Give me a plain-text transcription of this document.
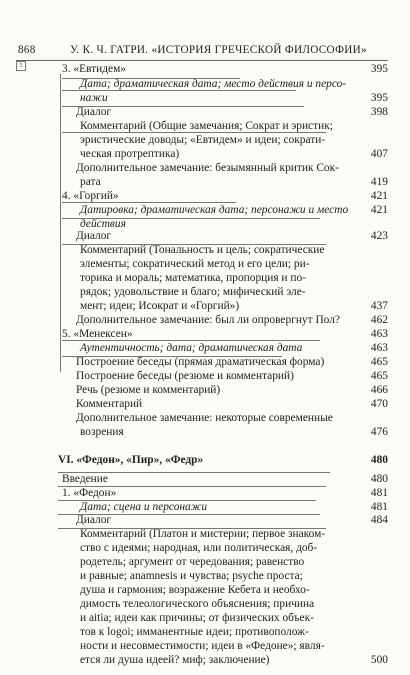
868	У. К. Ч. ГАТРИ. «ИСТОРИЯ ГРЕЧЕСКОЙ ФИЛОСОФИИ»
5	3. «Евтидем»	395
Дата; драматическая дата; место действия и персо-
нажи	395
Диалог	398
Комментарий (Общие замечания; Сократ и эристик;
эристические доводы; «Евтидем» и идеи; сократи-
ческая протрептика)	407
Дополнительное замечание: безымянный критик Сок-
рата	419
4. «Горгий»	421
Датировка; драматическая дата; персонажи и место 421
действия
Диалог	423
Комментарий (Тональность и цель; сократические
элементы; сократический метод и его цели; ри-
торика и мораль; математика, пропорция и по-
рядок; удовольствие и благо; мифический элe-
мент; идеи; Исократ и «Горгий»)	437
Дополнительное замечание: был ли опровергнут Пол?	462
5. «Менексен»	463
Аутентичность; дата; драматическая дата	463
Построение беседы (прямая драматическая форма)	465
Построение беседы (резюме и комментарий)	465
Речь (резюме и комментарий)	466
Комментарий	470
Дополнительное замечание: некоторые современные
возрения	476
VI. «Федон», «Пир», «Федр»	480
Введение	480
1. «Федон»	481
Дата; сцена и персонажи	481
Диалог	484
Комментарий (Платон и мистерии; первое знаком-
ство с идеями; народная, или политическая, доб-
родетель; аргумент от чередования; равенство
и равные; anamnesis и чувства; psyche проста;
душа и гармония; возражение Кебета и необхо-
димость телеологического объяснения; причина
и aitia; идеи как причины; от физических объек-
тов к logoi; имманентные идеи; противополож-
ности и несовместимости; идеи в «Федоне»; явля-
ется ли душа идеей? миф; заключение)	500
